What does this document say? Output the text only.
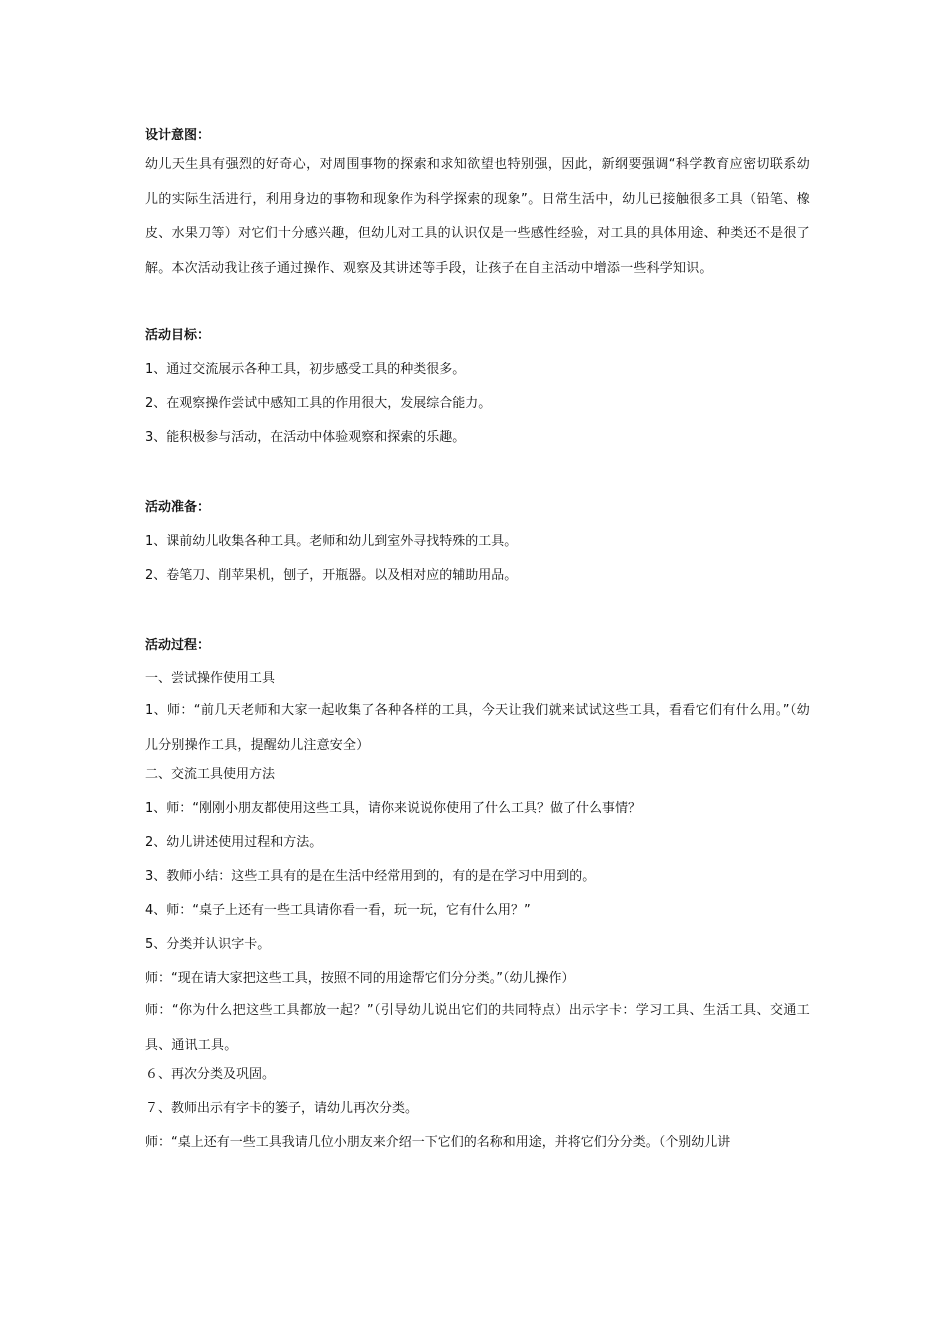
设计意图：

幼儿天生具有强烈的好奇心，对周围事物的探索和求知欲望也特别强，因此，新纲要强调“科学教育应密切联系幼儿的实际生活进行，利用身边的事物和现象作为科学探索的现象”。日常生活中，幼儿已接触很多工具（铅笔、橡皮、水果刀等）对它们十分感兴趣，但幼儿对工具的认识仅是一些感性经验，对工具的具体用途、种类还不是很了解。本次活动我让孩子通过操作、观察及其讲述等手段，让孩子在自主活动中增添一些科学知识。

活动目标：

1、通过交流展示各种工具，初步感受工具的种类很多。

2、在观察操作尝试中感知工具的作用很大，发展综合能力。

3、能积极参与活动，在活动中体验观察和探索的乐趣。

活动准备：

1、课前幼儿收集各种工具。老师和幼儿到室外寻找特殊的工具。

2、卷笔刀、削苹果机，刨子，开瓶器。以及相对应的辅助用品。

活动过程：

一、尝试操作使用工具

1、师：“前几天老师和大家一起收集了各种各样的工具，今天让我们就来试试这些工具，看看它们有什么用。”（幼儿分别操作工具，提醒幼儿注意安全）

二、交流工具使用方法

1、师：“刚刚小朋友都使用这些工具，请你来说说你使用了什么工具？做了什么事情？

2、幼儿讲述使用过程和方法。

3、教师小结：这些工具有的是在生活中经常用到的，有的是在学习中用到的。

4、师：“桌子上还有一些工具请你看一看，玩一玩，它有什么用？”

5、分类并认识字卡。

师：“现在请大家把这些工具，按照不同的用途帮它们分分类。”（幼儿操作）

师：“你为什么把这些工具都放一起？”（引导幼儿说出它们的共同特点）出示字卡：学习工具、生活工具、交通工具、通讯工具。

６、再次分类及巩固。

７、教师出示有字卡的篓子，请幼儿再次分类。

师：“桌上还有一些工具我请几位小朋友来介绍一下它们的名称和用途，并将它们分分类。（个别幼儿讲
